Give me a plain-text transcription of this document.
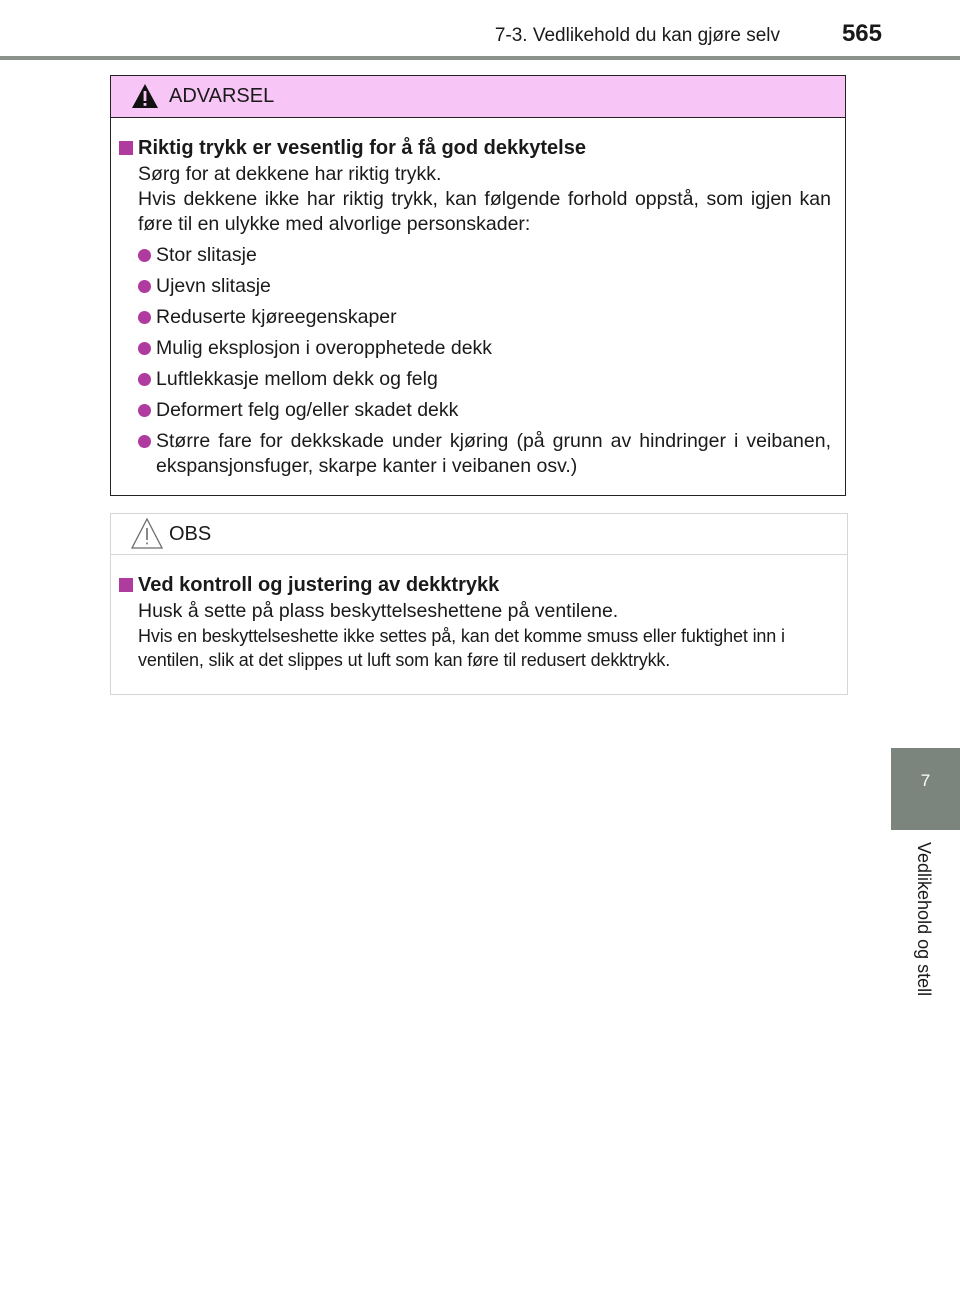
7-3. Vedlikehold du kan gjøre selv	565
7
Vedlikehold og stell
ADVARSEL
Riktig trykk er vesentlig for å få god dekkytelse
Sørg for at dekkene har riktig trykk.
Hvis dekkene ikke har riktig trykk, kan følgende forhold oppstå, som igjen kan føre til en ulykke med alvorlige personskader:
Stor slitasje
Ujevn slitasje
Reduserte kjøreegenskaper
Mulig eksplosjon i overopphetede dekk
Luftlekkasje mellom dekk og felg
Deformert felg og/eller skadet dekk
Større fare for dekkskade under kjøring (på grunn av hindringer i veibanen, ekspansjonsfuger, skarpe kanter i veibanen osv.)
OBS
Ved kontroll og justering av dekktrykk
Husk å sette på plass beskyttelseshettene på ventilene.
Hvis en beskyttelseshette ikke settes på, kan det komme smuss eller fuktighet inn i ventilen, slik at det slippes ut luft som kan føre til redusert dekktrykk.
